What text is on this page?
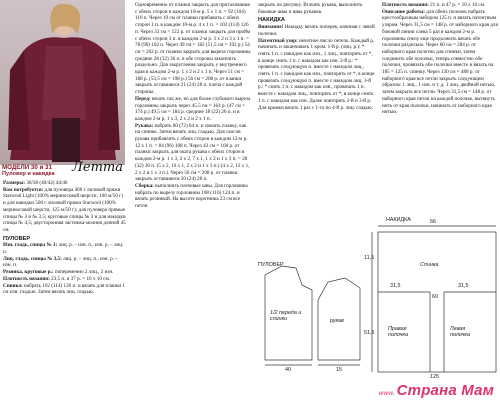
МОДЕЛИ 30 и 31	Летта
Пуловер и накидка

Размеры: 36/38 (40/42) 44/46

Вам потребуется: для пуловера 400 г лиловой пряжи Starwool Light (100% мериносовой шерсти, 160 м/50 г) и для накидки 500 г лиловой пряжи Starwool (100% мериносовой шерсти, 125 м/50 г); для пуловера прямые спицы № 3 и № 3,5; круговые спицы № 3 и для накидки спицы № 4,5; двусторонняя застежка-молния длиной 45 см.

ПУЛОВЕР

Изн. гладь, спицы № 3: лиц. р. – изн. п., изн. р. – лиц. п.

Лиц. гладь, спицы № 3,5: лиц. р. – лиц. п., изн. р. – изн. п.

Резинка, круговые р.: попеременно 2 лиц., 2 изн.

Плотность вязания: 23,5 п. и 37 р. = 10 х 10 см.

Спинка: набрать 102 (114) 126 п. и вязать для планки 1 см изн. гладью. Затем вязать лиц. гладью.

Одновременно от планки закрыть для приталивания с обеих сторон в каждом 10-м р. 5 х 1 п. = 92 (104) 116 п. Через 19 см от планки прибавить с обеих сторон 1 п. в каждом 10-м р. 4 х 1 п. = 102 (114) 126 п. Через 33 см = 122 р. от планки закрыть для пройм с обеих сторон 3 п. в каждом 2-м р. 3 х 2 и 3 х 1 п. = 78 (90) 102 п. Через 49 см = 182 (51,5 см = 192 р.) 54 см = 202 р. от планки закрыть для выреза горловины средние 28 (32) 36 п. и обе стороны закончить раздельно. Для закругления закрыть у внутреннего края в каждом 2-м р. 1 х 2 и 2 х 1 п. Через 51 см = 188 р. (53,5 см = 198 р.) 56 см = 208 р. от планки закрыть оставшиеся 21 (24) 28 п. плеча с каждой стороны.

Перед: вязать так же, но для более глубокого выреза горловины закрыть через 45,5 см = 164 р. (47 см = 174 р.) 49,5 см = 184 р. средние 18 (22) 26 п. и в каждом 2-м р. 1 х 3, 2 х 2 и 2 х 1 п.

Рукава: набрать 60 (72) 84 п. и связать планку, как на спинке. Затем вязать лиц. гладью. Для скосов рукава прибавлять с обеих сторон в каждом 12-м р. 12 х 1 п. = 84 (96) 108 п. Через 43 см = 160 р. от планки закрыть для оката рукава с обеих сторон в каждом 2-м р. 1 х 3, 2 х 2, 7 х 1, 1 х 2 и 1 х 3 п. = 28 (32) 36 п. (5 х 2, 10 х 1, 2 х 2 и 1 х 3 п.) (4 х 2, 12 х 1, 2 х 2 и 1 х 3 п.). Через 56 см = 208 р. от планки закрыть оставшиеся 20 (24) 28 п.

Сборка: выполнить плечевые швы. Для горловины набрать по вырезу горловины 108 (116) 124 п. и вязать резинкой. На высоте воротника 23 см все петли

закрыть по рисунку. Втачать рукава, выполнить боковые швы и швы рукавов.

НАКИДКА

Внимание! Накидку вязать поперек, начиная с левой полочки.

Патентный узор: нечетное число петель. Каждый р. начинать и заканчивать 1 кром. 1-й р. (лиц. р.): * снять 1 п. с накидом как изн., 1 лиц., повторять от *, в конце снять 1 п. с накидом как изн. 2-й р.: * провязать следующую п. вместе с накидом лиц., снять 1 п. с накидом как изн., повторять от *, в конце провязать следующую п. вместе с накидом лиц. 3-й р.: * снять 1 п. с накидом как изн., провязать 1 п. вместе с накидом лиц., повторять от *, в конце снять 1 п. с накидом как изн. Далее повторять 2-й и 3-й р. Для кромки вязать 1 раз с 1-го по 4-й р. лиц. гладью.

Плотность вязания: 21 п. и 47 р. = 10 х 10 см.

Описание работы: для обеих полочек набрать крестообразным набором 125 п. и вязать патентным узором. Через 31,5 см = 148 р. от наборного края для боковой линии слева 5 раз в каждом 2-м р. горловины снизу еще продолжить вязать обе полочки раздельно. Через 60 см = 284 р. от наборного края полотно для спинки, затем соединить обе полочки, теперь совместно обе полочки, провязать обе полочки вместе и вязать на 185 = 125 п. спинку. Через 130 см = 488 р. от наборного края все петли закрыть следующим образом: 1 лиц., 1 изн. и т. д. 1 лиц. двойной нитью, затем закрыть все петли. Через 31,5 см = 148 р. от наборного края петли на каждой полочке, вытянуть нить от края полочки, начинать от наборного края нитью.

НАКИДКА
ПУЛОВЕР	Спинка
Правая полочка
Левая полочка
1/2 переда и спинки	рукав
66
31,5	31,5
11,5
51,5
60
125
40	15
www. Страна Мам
